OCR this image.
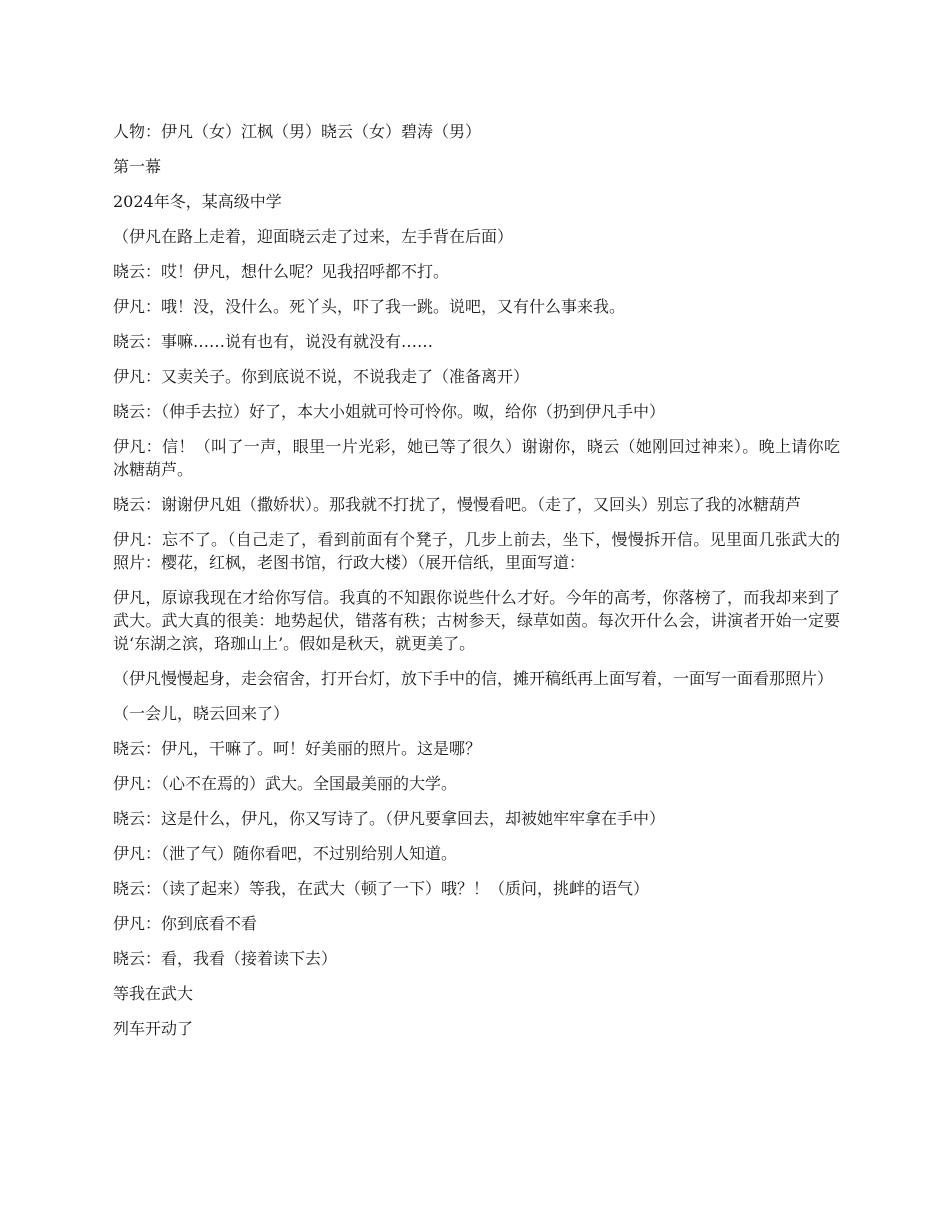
人物：伊凡（女）江枫（男）晓云（女）碧涛（男）

第一幕

2024年冬，某高级中学

（伊凡在路上走着，迎面晓云走了过来，左手背在后面）

晓云：哎！伊凡，想什么呢？见我招呼都不打。

伊凡：哦！没，没什么。死丫头，吓了我一跳。说吧，又有什么事来我。

晓云：事嘛……说有也有，说没有就没有……

伊凡：又卖关子。你到底说不说，不说我走了（准备离开）

晓云：（伸手去拉）好了，本大小姐就可怜可怜你。呶，给你（扔到伊凡手中）

伊凡：信！（叫了一声，眼里一片光彩，她已等了很久）谢谢你，晓云（她刚回过神来）。晚上请你吃冰糖葫芦。

晓云：谢谢伊凡姐（撒娇状）。那我就不打扰了，慢慢看吧。（走了，又回头）别忘了我的冰糖葫芦

伊凡：忘不了。（自己走了，看到前面有个凳子，几步上前去，坐下，慢慢拆开信。见里面几张武大的照片：樱花，红枫，老图书馆，行政大楼）（展开信纸，里面写道：

伊凡，原谅我现在才给你写信。我真的不知跟你说些什么才好。今年的高考，你落榜了，而我却来到了武大。武大真的很美：地势起伏，错落有秩；古树参天，绿草如茵。每次开什么会，讲演者开始一定要说‘东湖之滨，珞珈山上’。假如是秋天，就更美了。

（伊凡慢慢起身，走会宿舍，打开台灯，放下手中的信，摊开稿纸再上面写着，一面写一面看那照片）

（一会儿，晓云回来了）

晓云：伊凡，干嘛了。呵！好美丽的照片。这是哪？

伊凡：（心不在焉的）武大。全国最美丽的大学。

晓云：这是什么，伊凡，你又写诗了。（伊凡要拿回去，却被她牢牢拿在手中）

伊凡：（泄了气）随你看吧，不过别给别人知道。

晓云：（读了起来）等我，在武大（顿了一下）哦？！（质问，挑衅的语气）

伊凡：你到底看不看

晓云：看，我看（接着读下去）

等我在武大

列车开动了
